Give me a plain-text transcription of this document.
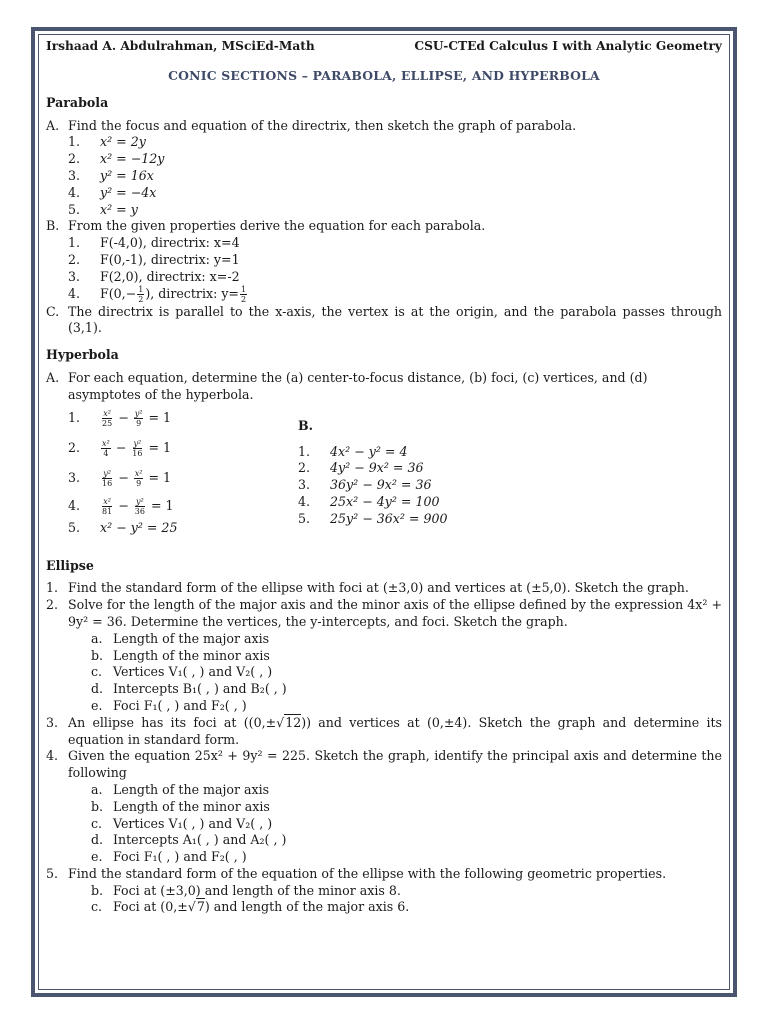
Irshaad A. Abdulrahman, MSciEd-Math	CSU-CTEd Calculus I with Analytic Geometry
CONIC SECTIONS – PARABOLA, ELLIPSE, AND HYPERBOLA
Parabola
A. Find the focus and equation of the directrix, then sketch the graph of parabola.
1.	x² = 2y
2.	x² = −12y
3.	y² = 16x
4.	y² = −4x
5.	x² = y
B. From the given properties derive the equation for each parabola.
1.	F(-4,0), directrix: x=4
2.	F(0,-1), directrix: y=1
3.	F(2,0), directrix: x=-2
4.	$F(0,- \frac{1}{2}$ ), directrix: $y= \frac{1}{2}$
C. The directrix is parallel to the x-axis, the vertex is at the origin, and the parabola passes through (3,1).
Hyperbola
A. For each equation, determine the (a) center-to-focus distance, (b) foci, (c) vertices, and (d) asymptotes of the hyperbola.
1.	$\frac{\text{x²}}{25} - \frac{\text{y²}}{9}$
= 1
2.	$\frac{\text{x²}}{4} - \frac{\text{y²}}{16}$
= 1
3.	$\frac{\text{y²}}{16} - \frac{\text{x²}}{9}$
= 1
4.	$\frac{\text{x²}}{81} - \frac{\text{y²}}{36}$
= 1
5.	x² − y² = 25
B.
1.	4x² − y² = 4
2.	4y² − 9x² = 36
3.	36y² − 9x² = 36
4.	25x² − 4y² = 100
5.	25y² − 36x² = 900
Ellipse
1. Find the standard form of the ellipse with foci at (±3,0) and vertices at (±5,0). Sketch the graph.
2. Solve for the length of the major axis and the minor axis of the ellipse defined by the expression 4x² + 9y² = 36. Determine the vertices, the y-intercepts, and foci. Sketch the graph.
a. Length of the major axis
b. Length of the minor axis
c. Vertices V₁( , ) and V₂( , )
d. Intercepts B₁( , ) and B₂( , )
e. Foci F₁( , ) and F₂( , )
3. An ellipse has its foci at ((0,±√12)) and vertices at (0,±4). Sketch the graph and determine its equation in standard form.
4. Given the equation 25x² + 9y² = 225. Sketch the graph, identify the principal axis and determine the following
a. Length of the major axis
b. Length of the minor axis
c. Vertices V₁( , ) and V₂( , )
d. Intercepts A₁( , ) and A₂( , )
e. Foci F₁( , ) and F₂( , )
5. Find the standard form of the equation of the ellipse with the following geometric properties.
b. Foci at (±3,0) and length of the minor axis 8.
c. Foci at (0,±√7) and length of the major axis 6.
